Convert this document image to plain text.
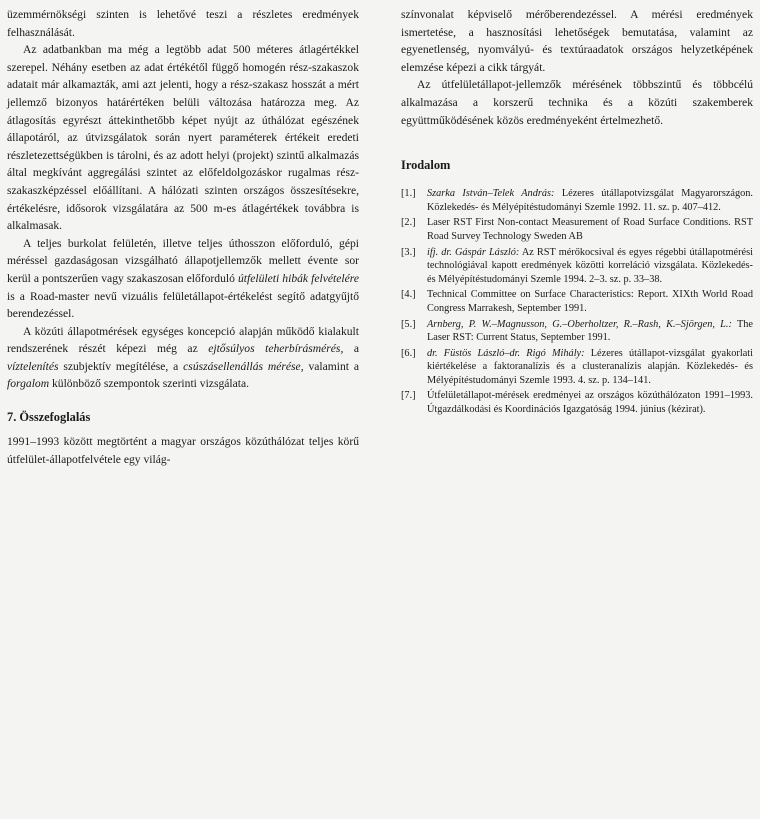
üzemmérnökségi szinten is lehetővé teszi a részletes eredmények felhasználását.

Az adatbankban ma még a legtöbb adat 500 méteres átlagértékkel szerepel. Néhány esetben az adat értékétől függő homogén rész-szakaszok adatait már alkamazták, ami azt jelenti, hogy a rész-szakasz hosszát a mért jellemző bizonyos határértéken belüli változása határozza meg. Az átlagosítás egyrészt áttekinthetőbb képet nyújt az úthálózat egészének állapotáról, az útvizsgálatok során nyert paraméterek értékeit eredeti részletezettségükben is tárolni, és az adott helyi (projekt) szintű alkalmazás által megkívánt aggregálási szintet az előfeldolgozáskor rugalmas rész-szakaszképzéssel előállítani. A hálózati szinten országos összesítésekre, értékelésre, idősorok vizsgálatára az 500 m-es átlagértékek továbbra is alkalmasak.

A teljes burkolat felületén, illetve teljes úthosszon előforduló, gépi méréssel gazdaságosan vizsgálható állapotjellemzők mellett évente sor kerül a pontszerűen vagy szakaszosan előforduló útfelületi hibák felvételére is a Road-master nevű vizuális felületállapot-értékelést segítő adatgyűjtő berendezéssel.

A közúti állapotmérések egységes koncepció alapján működő kialakult rendszerének részét képezi még az ejtősúlyos teherbírásmérés, a víztelenítés szubjektív megítélése, a csúszásellenállás mérése, valamint a forgalom különböző szempontok szerinti vizsgálata.

7. Összefoglalás

1991–1993 között megtörtént a magyar országos közúthálózat teljes körű útfelület-állapotfelvétele egy világ-

színvonalat képviselő mérőberendezéssel. A mérési eredmények ismertetése, a hasznosítási lehetőségek bemutatása, valamint az egyenetlenség, nyomvályú- és textúraadatok országos helyzetképének elemzése képezi a cikk tárgyát.

Az útfelületállapot-jellemzők mérésének többszintű és többcélú alkalmazása a korszerű technika és a közúti szakemberek együttműködésének közös eredményeként értelmezhető.

Irodalom
[1.] Szarka István–Telek András: Lézeres útállapotvizsgálat Magyarországon. Közlekedés- és Mélyépítéstudományi Szemle 1992. 11. sz. p. 407–412.
[2.] Laser RST First Non-contact Measurement of Road Surface Conditions. RST Road Survey Technology Sweden AB
[3.] ifj. dr. Gáspár László: Az RST mérőkocsival és egyes régebbi útállapotmérési technológiával kapott eredmények közötti korreláció vizsgálata. Közlekedés- és Mélyépítéstudományi Szemle 1994. 2–3. sz. p. 33–38.
[4.] Technical Committee on Surface Characteristics: Report. XIXth World Road Congress Marrakesh, September 1991.
[5.] Arnberg, P. W.–Magnusson, G.–Oberholtzer, R.–Rash, K.–Sjörgen, L.: The Laser RST: Current Status, September 1991.
[6.] dr. Füstös László–dr. Rigó Mihály: Lézeres útállapot-vizsgálat gyakorlati kiértékelése a faktoranalízis és a clusteranalízis alapján. Közlekedés- és Mélyépítéstudományi Szemle 1993. 4. sz. p. 134–141.
[7.] Útfelületállapot-mérések eredményei az országos közúthálózaton 1991–1993. Útgazdálkodási és Koordinációs Igazgatóság 1994. június (kézirat).
